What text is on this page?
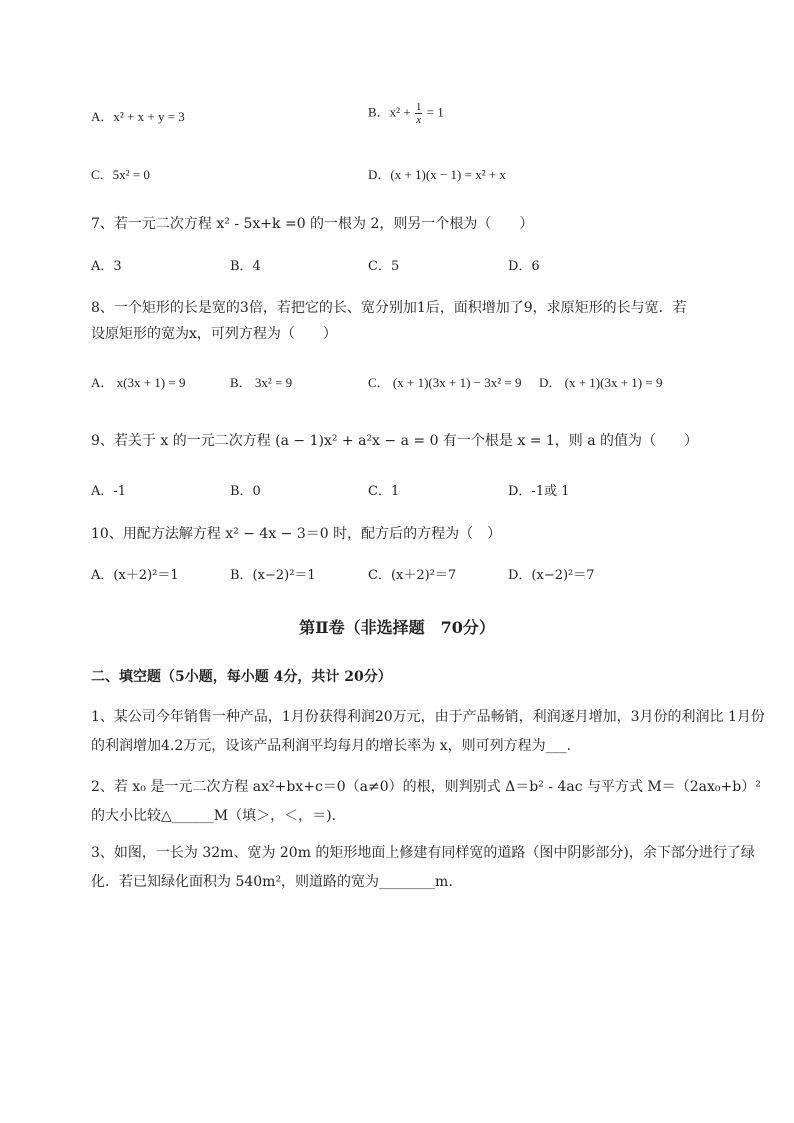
A．x² + x + y = 3	B．$x^2 + \frac{1}{x} = 1$
C．5x² = 0	D．(x + 1)(x − 1) = x² + x
7、若一元二次方程 x² - 5x+k =0 的一根为 2，则另一个根为（　　）
A．3	B．4	C．5	D．6
8、一个矩形的长是宽的3倍，若把它的长、宽分别加1后，面积增加了9，求原矩形的长与宽．若
设原矩形的宽为x，可列方程为（　　）
A． x(3x + 1) = 9	B． 3x² = 9	C． (x + 1)(3x + 1) − 3x² = 9 D． (x + 1)(3x + 1) = 9
9、若关于 x 的一元二次方程 (a − 1)x² + a²x − a = 0 有一个根是 x = 1，则 a 的值为（　　）
A．-1	B．0	C．1	D．-1或 1
10、用配方法解方程 x² − 4x − 3＝0 时，配方后的方程为（　）
A．(x＋2)²＝1	B．(x−2)²＝1	C．(x＋2)²＝7	D．(x−2)²＝7
第Ⅱ卷（非选择题　70分）
二、填空题（5小题，每小题 4分，共计 20分）
1、某公司今年销售一种产品，1月份获得利润20万元，由于产品畅销，利润逐月增加，3月份的利润比 1月份的利润增加4.2万元，设该产品利润平均每月的增长率为 x，则可列方程为___.
2、若 x₀ 是一元二次方程 ax²+bx+c＝0（a≠0）的根，则判别式 Δ＝b² - 4ac 与平方式 M＝（2ax₀+b）² 的大小比较△______M（填＞，＜，＝).
3、如图，一长为 32m、宽为 20m 的矩形地面上修建有同样宽的道路（图中阴影部分)，余下部分进行了绿化．若已知绿化面积为 540m²，则道路的宽为________m.
